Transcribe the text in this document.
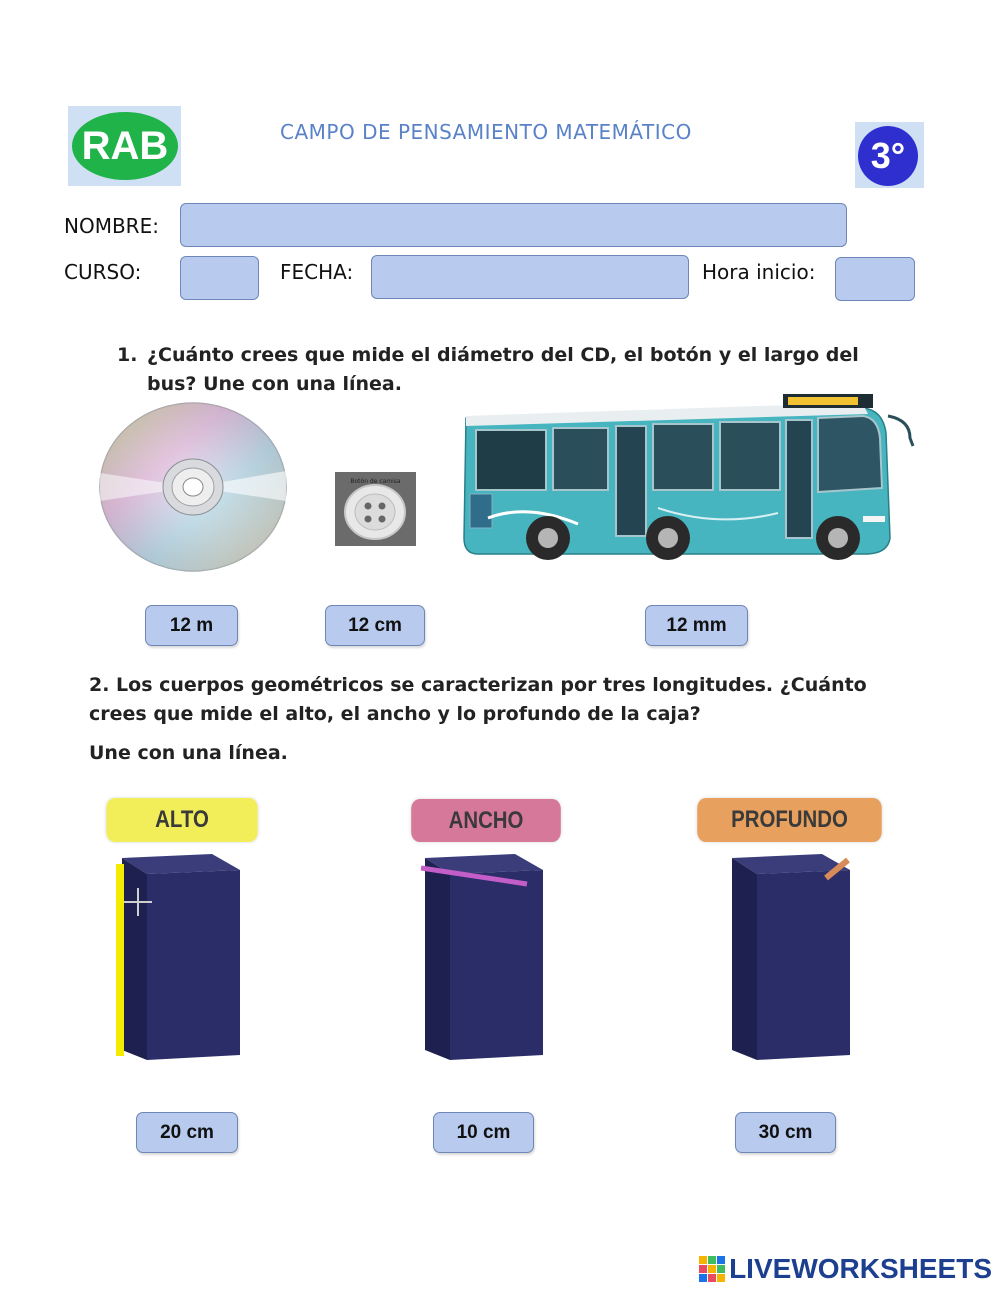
RAB	CAMPO DE PENSAMIENTO MATEMÁTICO
3°
NOMBRE:
CURSO:	FECHA:	Hora inicio:
1. ¿Cuánto crees que mide el diámetro del CD, el botón y el largo del bus? Une con una línea.
Botón de camisa
12 m	12 cm	12 mm
2. Los cuerpos geométricos se caracterizan por tres longitudes. ¿Cuánto crees que mide el alto, el ancho y lo profundo de la caja?
Une con una línea.
ALTO	ANCHO	PROFUNDO
20 cm	10 cm	30 cm
LIVEWORKSHEETS
